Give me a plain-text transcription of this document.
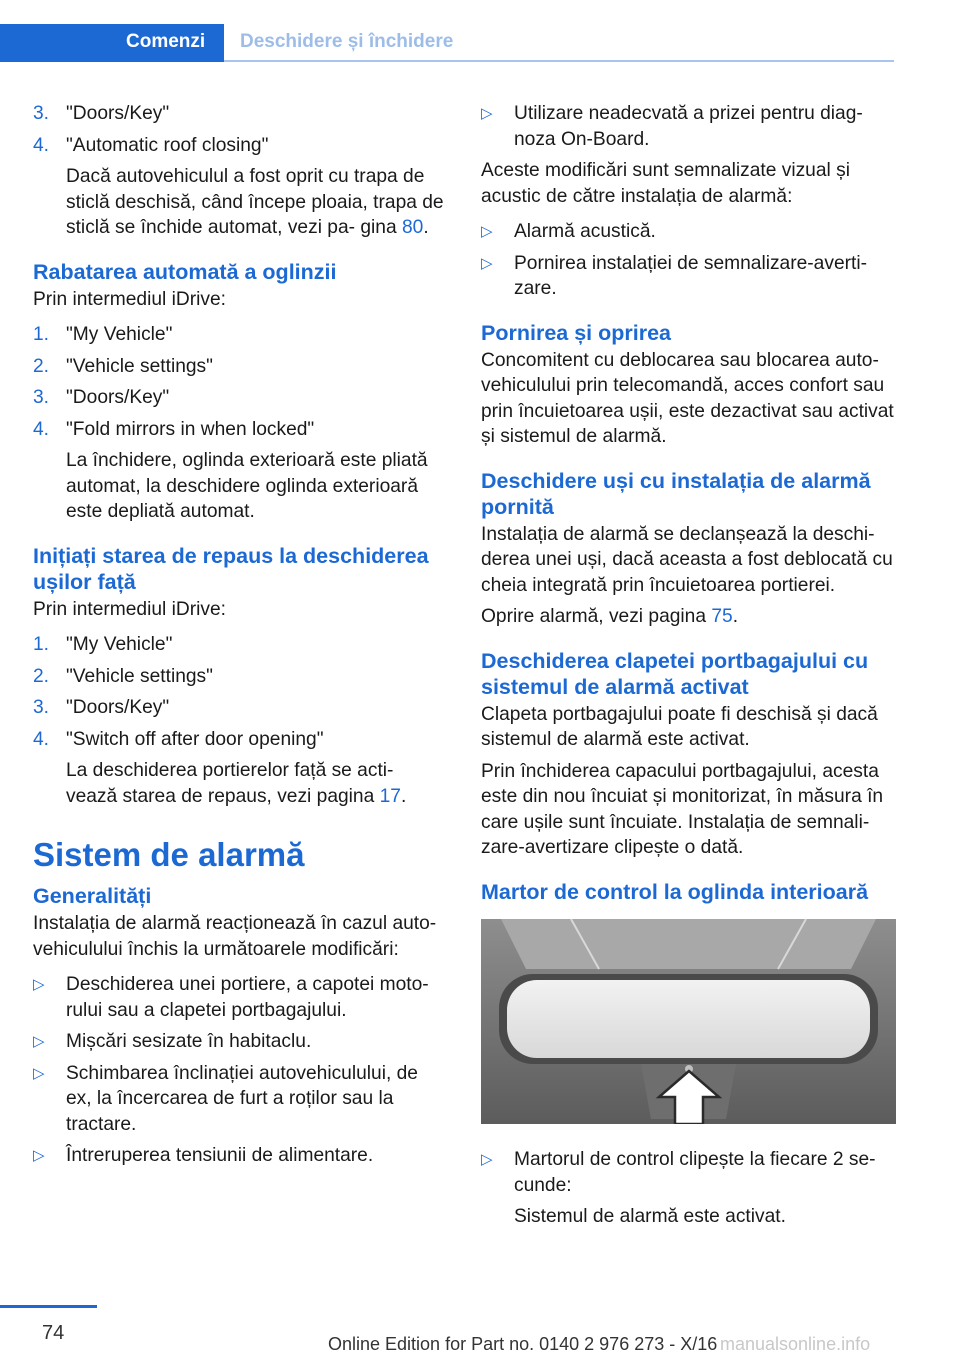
Comenzi	Deschidere și închidere
3. "Doors/Key"
4. "Automatic roof closing"
Dacă autovehiculul a fost oprit cu trapa de sticlă deschisă, când începe ploaia, trapa de sticlă se închide automat, vezi pa‐ gina 80.
Rabatarea automată a oglinzii
Prin intermediul iDrive:
1. "My Vehicle"
2. "Vehicle settings"
3. "Doors/Key"
4. "Fold mirrors in when locked"
La închidere, oglinda exterioară este pliată automat, la deschidere oglinda exterioară este depliată automat.
Inițiați starea de repaus la deschiderea ușilor față
Prin intermediul iDrive:
1. "My Vehicle"
2. "Vehicle settings"
3. "Doors/Key"
4. "Switch off after door opening"
La deschiderea portierelor față se acti‐ vează starea de repaus, vezi pagina 17.
Sistem de alarmă
Generalități
Instalația de alarmă reacționează în cazul auto‐ vehiculului închis la următoarele modificări:
▷ Deschiderea unei portiere, a capotei moto‐ rului sau a clapetei portbagajului.
▷ Mișcări sesizate în habitaclu.
▷ Schimbarea înclinației autovehiculului, de ex, la încercarea de furt a roților sau la tractare.
▷ Întreruperea tensiunii de alimentare.
▷ Utilizare neadecvată a prizei pentru diag‐ noza On-Board.
Aceste modificări sunt semnalizate vizual și acustic de către instalația de alarmă:
▷ Alarmă acustică.
▷ Pornirea instalației de semnalizare-averti‐ zare.
Pornirea și oprirea
Concomitent cu deblocarea sau blocarea auto‐ vehiculului prin telecomandă, acces confort sau prin încuietoarea ușii, este dezactivat sau activat și sistemul de alarmă.
Deschidere uși cu instalația de alarmă pornită
Instalația de alarmă se declanșează la deschi‐ derea unei uși, dacă aceasta a fost deblocată cu cheia integrată prin încuietoarea portierei.
Oprire alarmă, vezi pagina 75.
Deschiderea clapetei portbagajului cu sistemul de alarmă activat
Clapeta portbagajului poate fi deschisă și dacă sistemul de alarmă este activat.
Prin închiderea capacului portbagajului, acesta este din nou încuiat și monitorizat, în măsura în care ușile sunt încuiate. Instalația de semnali‐ zare-avertizare clipește o dată.
Martor de control la oglinda interioară
▷ Martorul de control clipește la fiecare 2 se‐ cunde:
Sistemul de alarmă este activat.
74	Online Edition for Part no. 0140 2 976 273 - X/16 manualsonline.info
